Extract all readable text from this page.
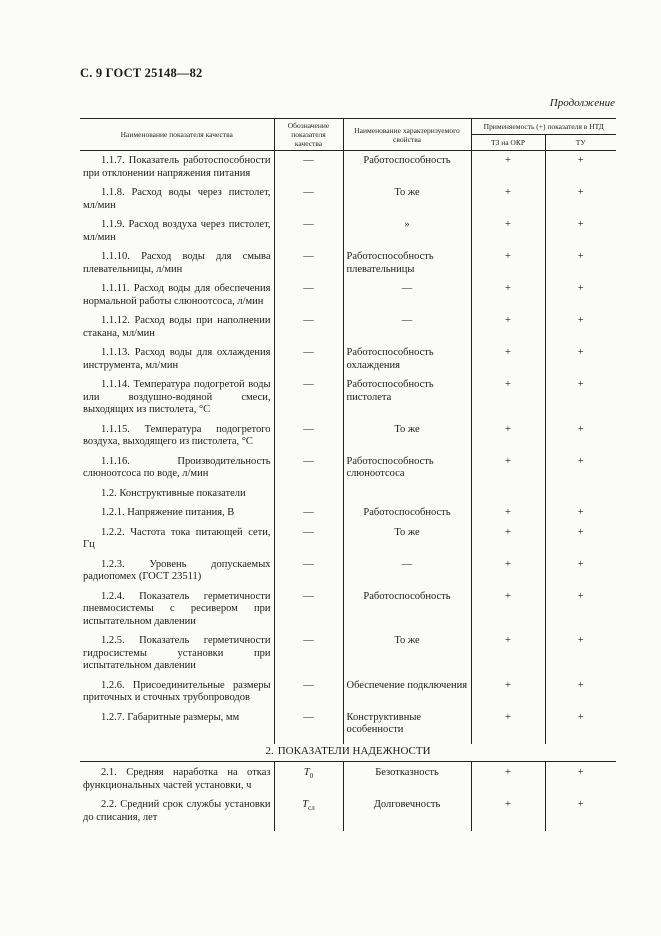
С. 9 ГОСТ 25148—82
Продолжение
Наименование показателя качества	Обозначение показателя качества	Наименование характеризуемого свойства	Применяемость (+) показателя в НТД	
			ТЗ на ОКР	ТУ
1.1.7. Показатель работоспособности при отклонении напряжения питания	—	Работоспособность	+	+
1.1.8. Расход воды через пистолет, мл/мин	—	То же	+	+
1.1.9. Расход воздуха через пистолет, мл/мин	—	»	+	+
1.1.10. Расход воды для смыва плевательницы, л/мин	—	Работоспособность плевательницы	+	+
1.1.11. Расход воды для обеспечения нормальной работы слюноотсоса, л/мин	—	—	+	+
1.1.12. Расход воды при наполнении стакана, мл/мин	—	—	+	+
1.1.13. Расход воды для охлаждения инструмента, мл/мин	—	Работоспособность охлаждения	+	+
1.1.14. Температура подогретой воды или воздушно-водяной смеси, выходящих из пистолета, °С	—	Работоспособность пистолета	+	+
1.1.15. Температура подогретого воздуха, выходящего из пистолета, °С	—	То же	+	+
1.1.16. Производительность слюноотсоса по воде, л/мин	—	Работоспособность слюноотсоса	+	+
1.2. Конструктивные показатели				
1.2.1. Напряжение питания, В	—	Работоспособность	+	+
1.2.2. Частота тока питающей сети, Гц	—	То же	+	+
1.2.3. Уровень допускаемых радиопомех (ГОСТ 23511)	—	—	+	+
1.2.4. Показатель герметичности пневмосистемы с ресивером при испытательном давлении	—	Работоспособность	+	+
1.2.5. Показатель герметичности гидросистемы установки при испытательном давлении	—	То же	+	+
1.2.6. Присоединительные размеры приточных и сточных трубопроводов	—	Обеспечение подключения	+	+
1.2.7. Габаритные размеры, мм	—	Конструктивные особенности	+	+
2. ПОКАЗАТЕЛИ НАДЕЖНОСТИ				
2.1. Средняя наработка на отказ функциональных частей установки, ч	$T_0$	Безотказность	+	+
2.2. Средний срок службы установки до списания, лет	$T_{сл}$	Долговечность	+	+
